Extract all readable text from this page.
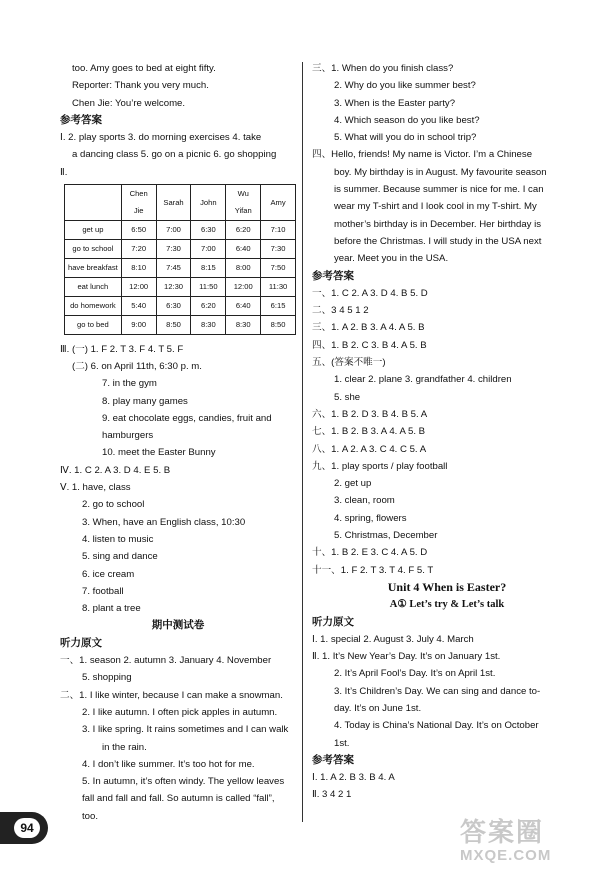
too. Amy goes to bed at eight fifty.
Reporter: Thank you very much.
Chen Jie: You’re welcome.
参考答案
Ⅰ. 2. play sports 3. do morning exercises 4. take
a dancing class 5. go on a picnic 6. go shopping
Ⅱ.
	Chen Jie	Sarah	John	Wu Yifan	Amy
get up	6:50	7:00	6:30	6:20	7:10
go to school	7:20	7:30	7:00	6:40	7:30
have breakfast	8:10	7:45	8:15	8:00	7:50
eat lunch	12:00	12:30	11:50	12:00	11:30
do homework	5:40	6:30	6:20	6:40	6:15
go to bed	9:00	8:50	8:30	8:30	8:50
Ⅲ. (一) 1. F 2. T 3. F 4. T 5. F
(二) 6. on April 11th, 6:30 p. m.
7. in the gym
8. play many games
9. eat chocolate eggs, candies, fruit and
hamburgers
10. meet the Easter Bunny
Ⅳ. 1. C 2. A 3. D 4. E 5. B
Ⅴ. 1. have, class
2. go to school
3. When, have an English class, 10:30
4. listen to music
5. sing and dance
6. ice cream
7. football
8. plant a tree
期中测试卷
听力原文
一、1. season 2. autumn 3. January 4. November
5. shopping
二、1. I like winter, because I can make a snowman.
2. I like autumn. I often pick apples in autumn.
3. I like spring. It rains sometimes and I can walk
in the rain.
4. I don’t like summer. It’s too hot for me.
5. In autumn, it’s often windy. The yellow leaves
fall and fall and fall. So autumn is called “fall”,
too.
三、1. When do you finish class?
2. Why do you like summer best?
3. When is the Easter party?
4. Which season do you like best?
5. What will you do in school trip?
四、Hello, friends! My name is Victor. I’m a Chinese
boy. My birthday is in August. My favourite season
is summer. Because summer is nice for me. I can
wear my T-shirt and I look cool in my T-shirt. My
mother’s birthday is in December. Her birthday is
before the Christmas. I will study in the USA next
year. Meet you in the USA.
参考答案
一、1. C 2. A 3. D 4. B 5. D
二、3 4 5 1 2
三、1. A 2. B 3. A 4. A 5. B
四、1. B 2. C 3. B 4. A 5. B
五、(答案不唯一)
1. clear 2. plane 3. grandfather 4. children
5. she
六、1. B 2. D 3. B 4. B 5. A
七、1. B 2. B 3. A 4. A 5. B
八、1. A 2. A 3. C 4. C 5. A
九、1. play sports / play football
2. get up
3. clean, room
4. spring, flowers
5. Christmas, December
十、1. B 2. E 3. C 4. A 5. D
十一、1. F 2. T 3. T 4. F 5. T
Unit 4 When is Easter?
A① Let’s try & Let’s talk
听力原文
Ⅰ. 1. special 2. August 3. July 4. March
Ⅱ. 1. It’s New Year’s Day. It’s on January 1st.
2. It’s April Fool’s Day. It’s on April 1st.
3. It’s Children’s Day. We can sing and dance to-
day. It’s on June 1st.
4. Today is China’s National Day. It’s on October
1st.
参考答案
Ⅰ. 1. A 2. B 3. B 4. A
Ⅱ. 3 4 2 1
94	答案圈
MXQE.COM
